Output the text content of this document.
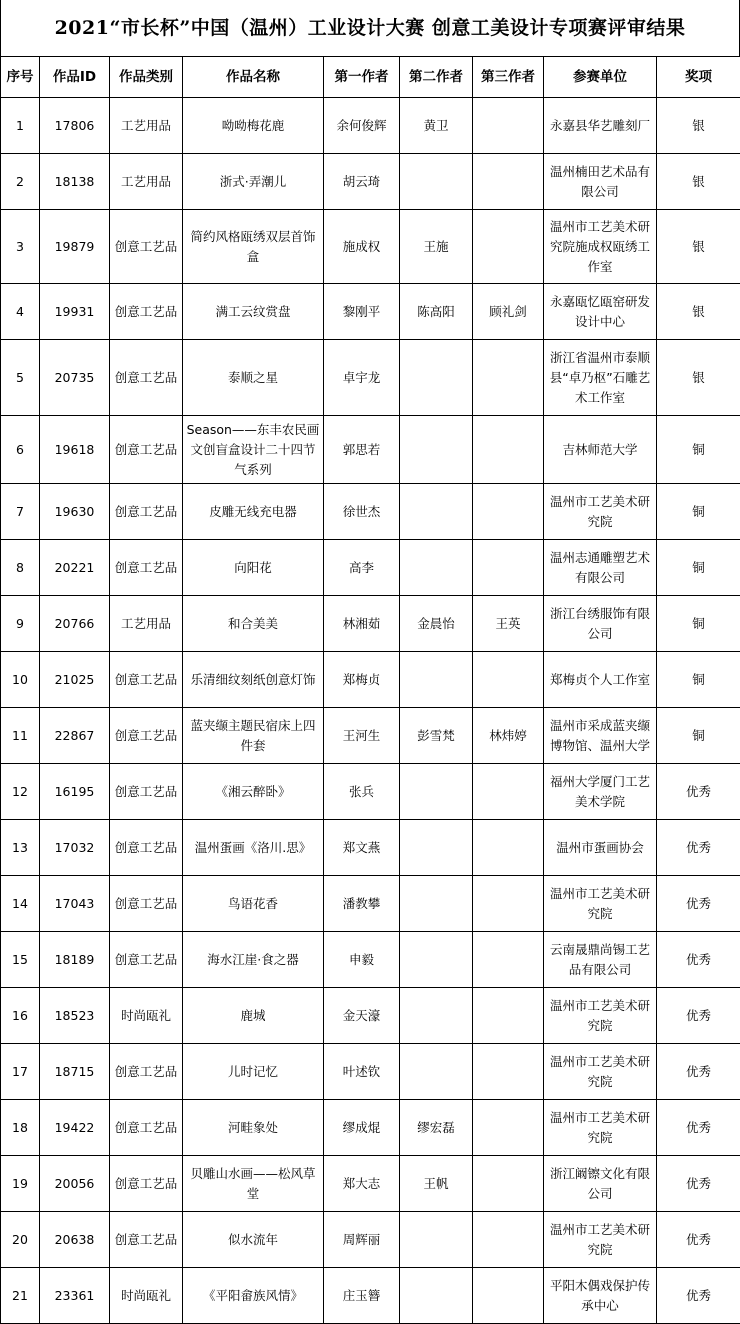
2021“市长杯”中国（温州）工业设计大赛 创意工美设计专项赛评审结果
序号	作品ID	作品类别	作品名称	第一作者	第二作者	第三作者	参赛单位	奖项
1	17806	工艺用品	呦呦梅花鹿	余何俊辉	黄卫		永嘉县华艺雕刻厂	银
2	18138	工艺用品	浙式·弄潮儿	胡云琦			温州楠田艺术品有限公司	银
3	19879	创意工艺品	简约风格瓯绣双层首饰盒	施成权	王施		温州市工艺美术研究院施成权瓯绣工作室	银
4	19931	创意工艺品	满工云纹赏盘	黎刚平	陈高阳	顾礼剑	永嘉瓯忆瓯窑研发设计中心	银
5	20735	创意工艺品	泰顺之星	卓宇龙			浙江省温州市泰顺县“卓乃枢”石雕艺术工作室	银
6	19618	创意工艺品	Season——东丰农民画文创盲盒设计二十四节气系列	郭思若			吉林师范大学	铜
7	19630	创意工艺品	皮雕无线充电器	徐世杰			温州市工艺美术研究院	铜
8	20221	创意工艺品	向阳花	高李			温州志通雕塑艺术有限公司	铜
9	20766	工艺用品	和合美美	林湘茹	金晨怡	王英	浙江台绣服饰有限公司	铜
10	21025	创意工艺品	乐清细纹刻纸创意灯饰	郑梅贞			郑梅贞个人工作室	铜
11	22867	创意工艺品	蓝夹缬主题民宿床上四件套	王河生	彭雪梵	林炜婷	温州市采成蓝夹缬博物馆、温州大学	铜
12	16195	创意工艺品	《湘云醉卧》	张兵			福州大学厦门工艺美术学院	优秀
13	17032	创意工艺品	温州蛋画《洛川.思》	郑文燕			温州市蛋画协会	优秀
14	17043	创意工艺品	鸟语花香	潘教攀			温州市工艺美术研究院	优秀
15	18189	创意工艺品	海水江崖·食之器	申毅			云南晟鼎尚锡工艺品有限公司	优秀
16	18523	时尚瓯礼	鹿城	金天濠			温州市工艺美术研究院	优秀
17	18715	创意工艺品	儿时记忆	叶述钦			温州市工艺美术研究院	优秀
18	19422	创意工艺品	河畦象处	缪成焜	缪宏磊		温州市工艺美术研究院	优秀
19	20056	创意工艺品	贝雕山水画——松风草堂	郑大志	王帆		浙江阚镲文化有限公司	优秀
20	20638	创意工艺品	似水流年	周辉丽			温州市工艺美术研究院	优秀
21	23361	时尚瓯礼	《平阳畲族风情》	庄玉簪			平阳木偶戏保护传承中心	优秀
